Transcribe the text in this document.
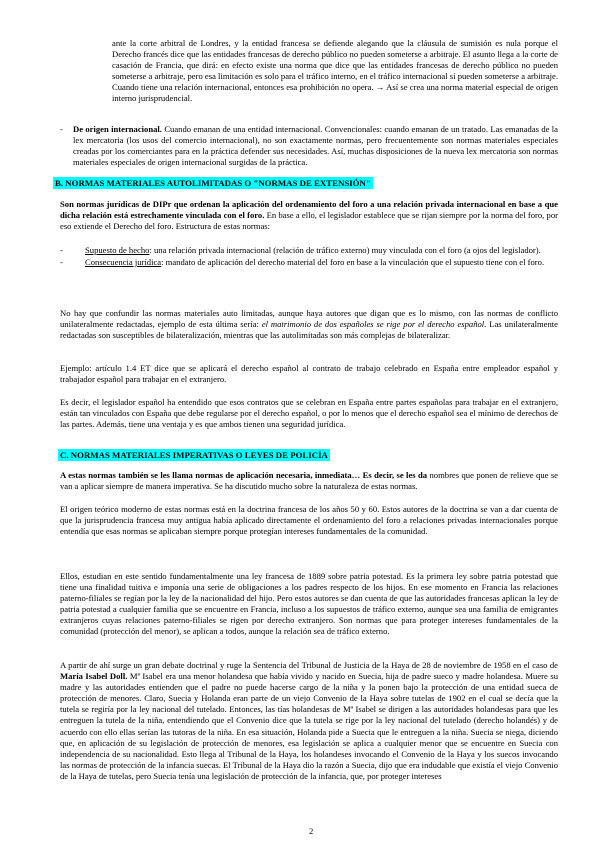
ante la corte arbitral de Londres, y la entidad francesa se defiende alegando que la cláusula de sumisión es nula porque el Derecho francés dice que las entidades francesas de derecho público no pueden someterse a arbitraje. El asunto llega a la corte de casación de Francia, que dirá: en efecto existe una norma que dice que las entidades francesas de derecho público no pueden someterse a arbitraje, pero esa limitación es solo para el tráfico interno, en el tráfico internacional sí pueden someterse a arbitraje. Cuando tiene una relación internacional, entonces esa prohibición no opera. → Así se crea una norma material especial de origen interno jurisprudencial.

- De origen internacional. Cuando emanan de una entidad internacional. Convencionales: cuando emanan de un tratado. Las emanadas de la lex mercatoria (los usos del comercio internacional), no son exactamente normas, pero frecuentemente son normas materiales especiales creadas por los comerciantes para en la práctica defender sus necesidades. Así, muchas disposiciones de la nueva lex mercatoria son normas materiales especiales de origen internacional surgidas de la práctica.

B. NORMAS MATERIALES AUTOLIMITADAS O "NORMAS DE EXTENSIÓN"

Son normas jurídicas de DIPr que ordenan la aplicación del ordenamiento del foro a una relación privada internacional en base a que dicha relación está estrechamente vinculada con el foro. En base a ello, el legislador establece que se rijan siempre por la norma del foro, por eso extiende el Derecho del foro. Estructura de estas normas:

-	Supuesto de hecho: una relación privada internacional (relación de tráfico externo) muy vinculada con el foro (a ojos del legislador).

-	Consecuencia jurídica: mandato de aplicación del derecho material del foro en base a la vinculación que el supuesto tiene con el foro.

No hay que confundir las normas materiales auto limitadas, aunque haya autores que digan que es lo mismo, con las normas de conflicto unilateralmente redactadas, ejemplo de esta última sería: el matrimonio de dos españoles se rige por el derecho español. Las unilateralmente redactadas son susceptibles de bilateralización, mientras que las autolimitadas son más complejas de bilateralizar.

Ejemplo: artículo 1.4 ET dice que se aplicará el derecho español al contrato de trabajo celebrado en España entre empleador español y trabajador español para trabajar en el extranjero.

Es decir, el legislador español ha entendido que esos contratos que se celebran en España entre partes españolas para trabajar en el extranjero, están tan vinculados con España que debe regularse por el derecho español, o por lo menos que el derecho español sea el mínimo de derechos de las partes. Además, tiene una ventaja y es que ambos tienen una seguridad jurídica.

C. NORMAS MATERIALES IMPERATIVAS O LEYES DE POLICÍA

A estas normas también se les llama normas de aplicación necesaria, inmediata… Es decir, se les da nombres que ponen de relieve que se van a aplicar siempre de manera imperativa. Se ha discutido mucho sobre la naturaleza de estas normas.

El origen teórico moderno de estas normas está en la doctrina francesa de los años 50 y 60. Estos autores de la doctrina se van a dar cuenta de que la jurisprudencia francesa muy antigua había aplicado directamente el ordenamiento del foro a relaciones privadas internacionales porque entendía que esas normas se aplicaban siempre porque protegían intereses fundamentales de la comunidad.

Ellos, estudian en este sentido fundamentalmente una ley francesa de 1889 sobre patria potestad. Es la primera ley sobre patria potestad que tiene una finalidad tuitiva e imponía una serie de obligaciones a los padres respecto de los hijos. En ese momento en Francia las relaciones paterno-filiales se regían por la ley de la nacionalidad del hijo. Pero estos autores se dan cuenta de que las autoridades francesas aplican la ley de patria potestad a cualquier familia que se encuentre en Francia, incluso a los supuestos de tráfico externo, aunque sea una familia de emigrantes extranjeros cuyas relaciones paterno-filiales se rigen por derecho extranjero. Son normas que para proteger intereses fundamentales de la comunidad (protección del menor), se aplican a todos, aunque la relación sea de tráfico externo.

A partir de ahí surge un gran debate doctrinal y ruge la Sentencia del Tribunal de Justicia de la Haya de 28 de noviembre de 1958 en el caso de María Isabel Doll. Mª Isabel era una menor holandesa que había vivido y nacido en Suecia, hija de padre sueco y madre holandesa. Muere su madre y las autoridades entienden que el padre no puede hacerse cargo de la niña y la ponen bajo la protección de una entidad sueca de protección de menores. Claro, Suecia y Holanda eran parte de un viejo Convenio de la Haya sobre tutelas de 1902 en el cual se decía que la tutela se regiría por la ley nacional del tutelado. Entonces, las tías holandesas de Mª Isabel se dirigen a las autoridades holandesas para que les entreguen la tutela de la niña, entendiendo que el Convenio dice que la tutela se rige por la ley nacional del tutelado (derecho holandés) y de acuerdo con ello ellas serían las tutoras de la niña. En esa situación, Holanda pide a Suecia que le entreguen a la niña. Suecia se niega, diciendo que, en aplicación de su legislación de protección de menores, esa legislación se aplica a cualquier menor que se encuentre en Suecia con independencia de su nacionalidad. Esto llega al Tribunal de la Haya, los holandeses invocando el Convenio de la Haya y los suecos invocando las normas de protección de la infancia suecas. El Tribunal de la Haya dio la razón a Suecia, dijo que era indudable que existía el viejo Convenio de la Haya de tutelas, pero Suecia tenía una legislación de protección de la infancia, que, por proteger intereses

2
